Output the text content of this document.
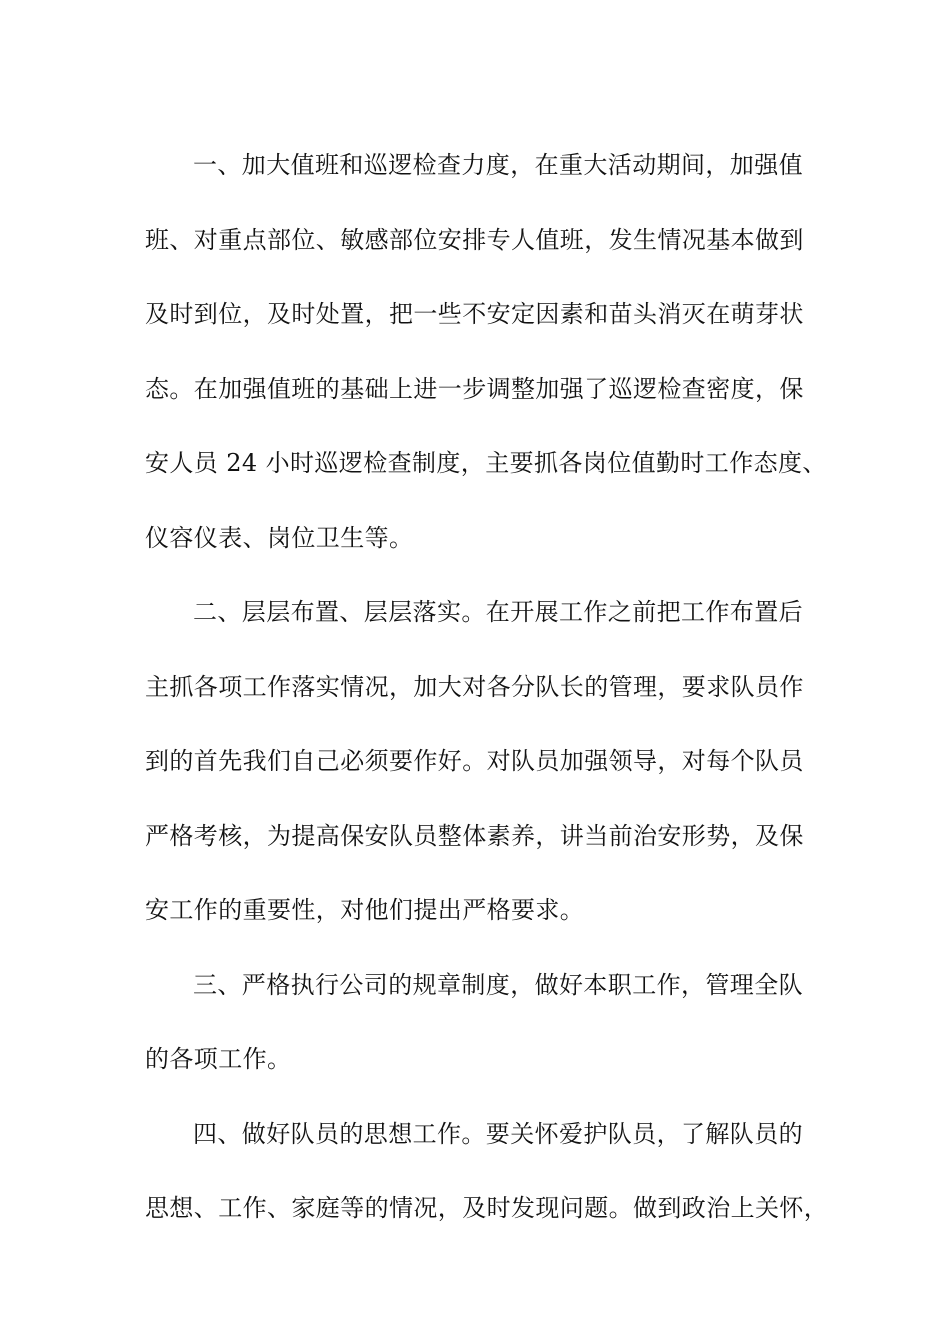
一、加大值班和巡逻检查力度，在重大活动期间，加强值
班、对重点部位、敏感部位安排专人值班，发生情况基本做到
及时到位，及时处置，把一些不安定因素和苗头消灭在萌芽状
态。在加强值班的基础上进一步调整加强了巡逻检查密度，保
安人员 24 小时巡逻检查制度，主要抓各岗位值勤时工作态度、
仪容仪表、岗位卫生等。

二、层层布置、层层落实。在开展工作之前把工作布置后
主抓各项工作落实情况，加大对各分队长的管理，要求队员作
到的首先我们自己必须要作好。对队员加强领导，对每个队员
严格考核，为提高保安队员整体素养，讲当前治安形势，及保
安工作的重要性，对他们提出严格要求。

三、严格执行公司的规章制度，做好本职工作，管理全队
的各项工作。

四、做好队员的思想工作。要关怀爱护队员，了解队员的
思想、工作、家庭等的情况，及时发现问题。做到政治上关怀，
